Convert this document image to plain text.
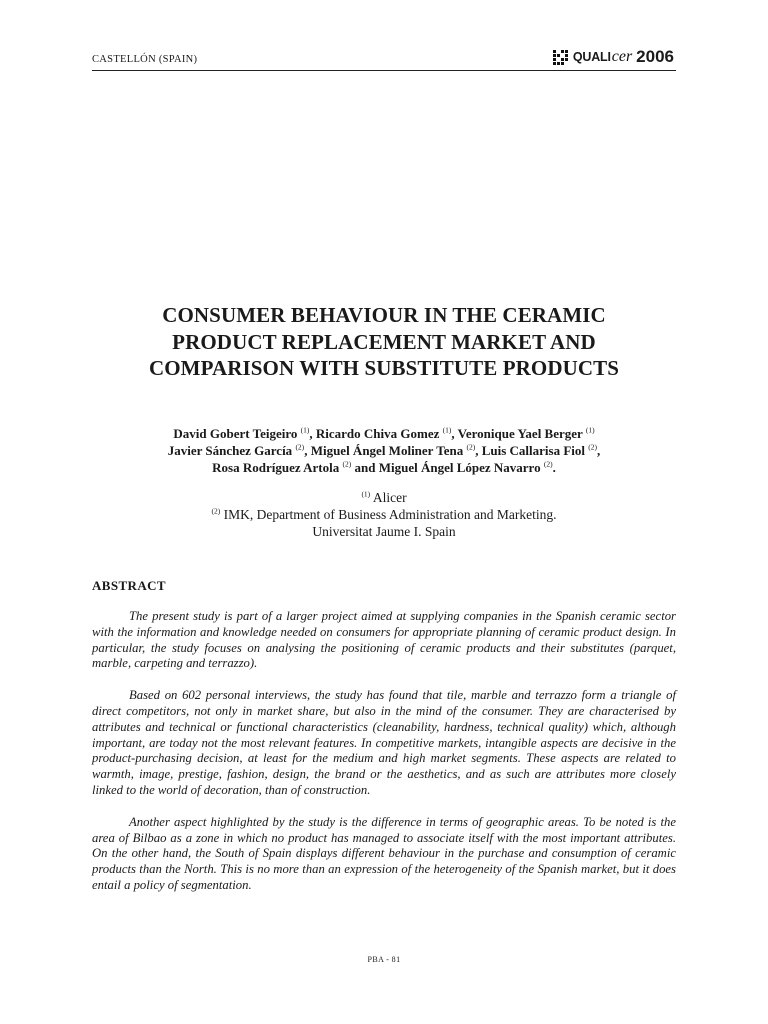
CASTELLÓN (SPAIN)	QUALI cer 2006
CONSUMER BEHAVIOUR IN THE CERAMIC
PRODUCT REPLACEMENT MARKET AND
COMPARISON WITH SUBSTITUTE PRODUCTS
David Gobert Teigeiro $^{(1)}$, Ricardo Chiva Gomez $^{(1)}$, Veronique Yael Berger $^{(1)}$
Javier Sánchez García $^{(2)}$, Miguel Ángel Moliner Tena $^{(2)}$, Luis Callarisa Fiol $^{(2)}$,
Rosa Rodríguez Artola $^{(2)}$ and Miguel Ángel López Navarro $^{(2)}$.
$^{(1)}$ Alicer
$^{(2)}$ IMK, Department of Business Administration and Marketing.
Universitat Jaume I. Spain
ABSTRACT

The present study is part of a larger project aimed at supplying companies in the Spanish ceramic sector with the information and knowledge needed on consumers for appropriate planning of ceramic product design. In particular, the study focuses on analysing the positioning of ceramic products and their substitutes (parquet, marble, carpeting and terrazzo).

Based on 602 personal interviews, the study has found that tile, marble and terrazzo form a triangle of direct competitors, not only in market share, but also in the mind of the consumer. They are characterised by attributes and technical or functional characteristics (cleanability, hardness, technical quality) which, although important, are today not the most relevant features. In competitive markets, intangible aspects are decisive in the product-purchasing decision, at least for the medium and high market segments. These aspects are related to warmth, image, prestige, fashion, design, the brand or the aesthetics, and as such are attributes more closely linked to the world of decoration, than of construction.

Another aspect highlighted by the study is the difference in terms of geographic areas. To be noted is the area of Bilbao as a zone in which no product has managed to associate itself with the most important attributes. On the other hand, the South of Spain displays different behaviour in the purchase and consumption of ceramic products than the North. This is no more than an expression of the heterogeneity of the Spanish market, but it does entail a policy of segmentation.

PBA - 81
